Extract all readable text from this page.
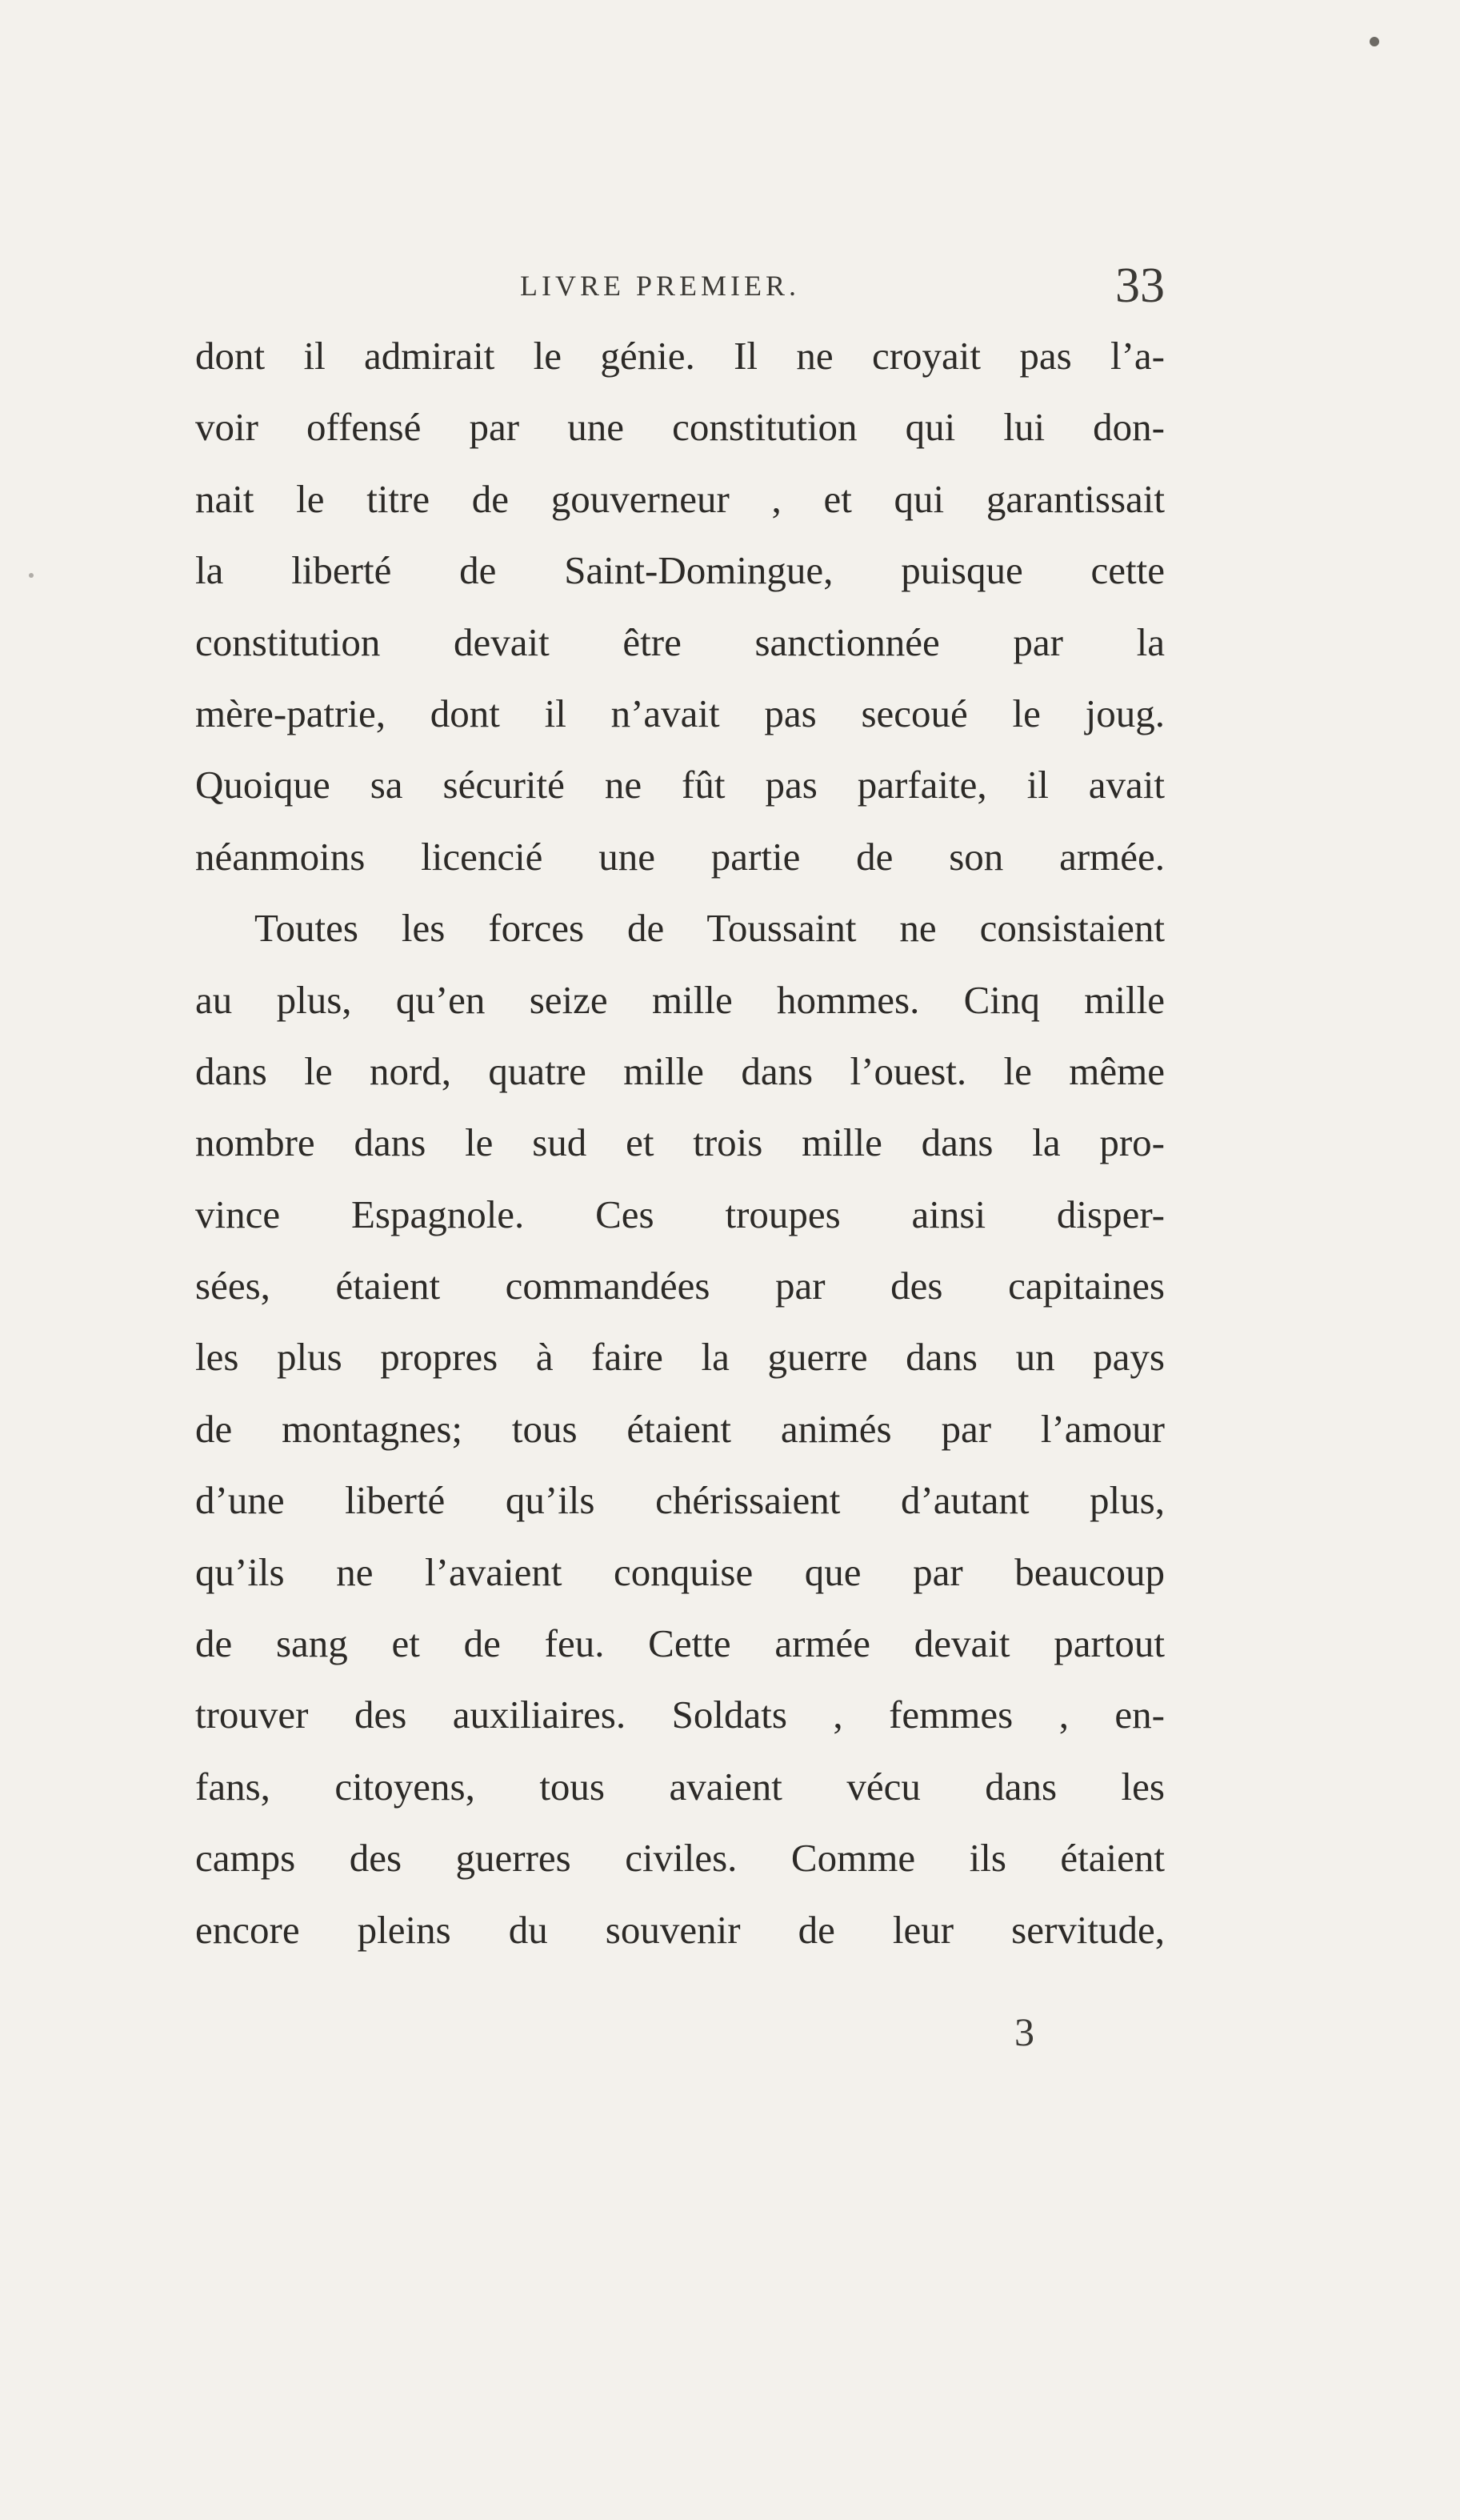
LIVRE PREMIER.	33
dont il admirait le génie. Il ne croyait pas l’a-
voir offensé par une constitution qui lui don-
nait le titre de gouverneur , et qui garantissait
la liberté de Saint-Domingue, puisque cette
constitution devait être sanctionnée par la
mère-patrie, dont il n’avait pas secoué le joug.
Quoique sa sécurité ne fût pas parfaite, il avait
néanmoins licencié une partie de son armée.
Toutes les forces de Toussaint ne consistaient
au plus, qu’en seize mille hommes. Cinq mille
dans le nord, quatre mille dans l’ouest. le même
nombre dans le sud et trois mille dans la pro-
vince Espagnole. Ces troupes ainsi disper-
sées, étaient commandées par des capitaines
les plus propres à faire la guerre dans un pays
de montagnes; tous étaient animés par l’amour
d’une liberté qu’ils chérissaient d’autant plus,
qu’ils ne l’avaient conquise que par beaucoup
de sang et de feu. Cette armée devait partout
trouver des auxiliaires. Soldats , femmes , en-
fans, citoyens, tous avaient vécu dans les
camps des guerres civiles. Comme ils étaient
encore pleins du souvenir de leur servitude,
3
